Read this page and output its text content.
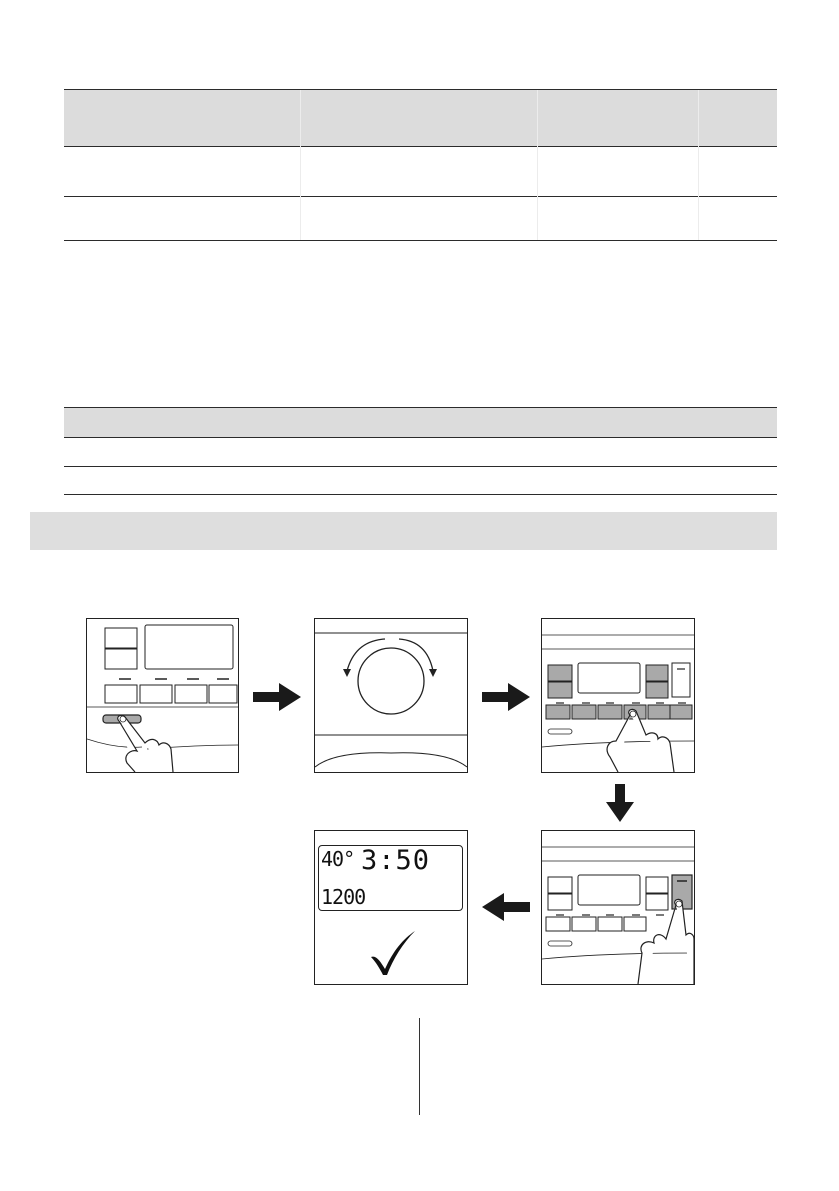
40° 3:50
1200
